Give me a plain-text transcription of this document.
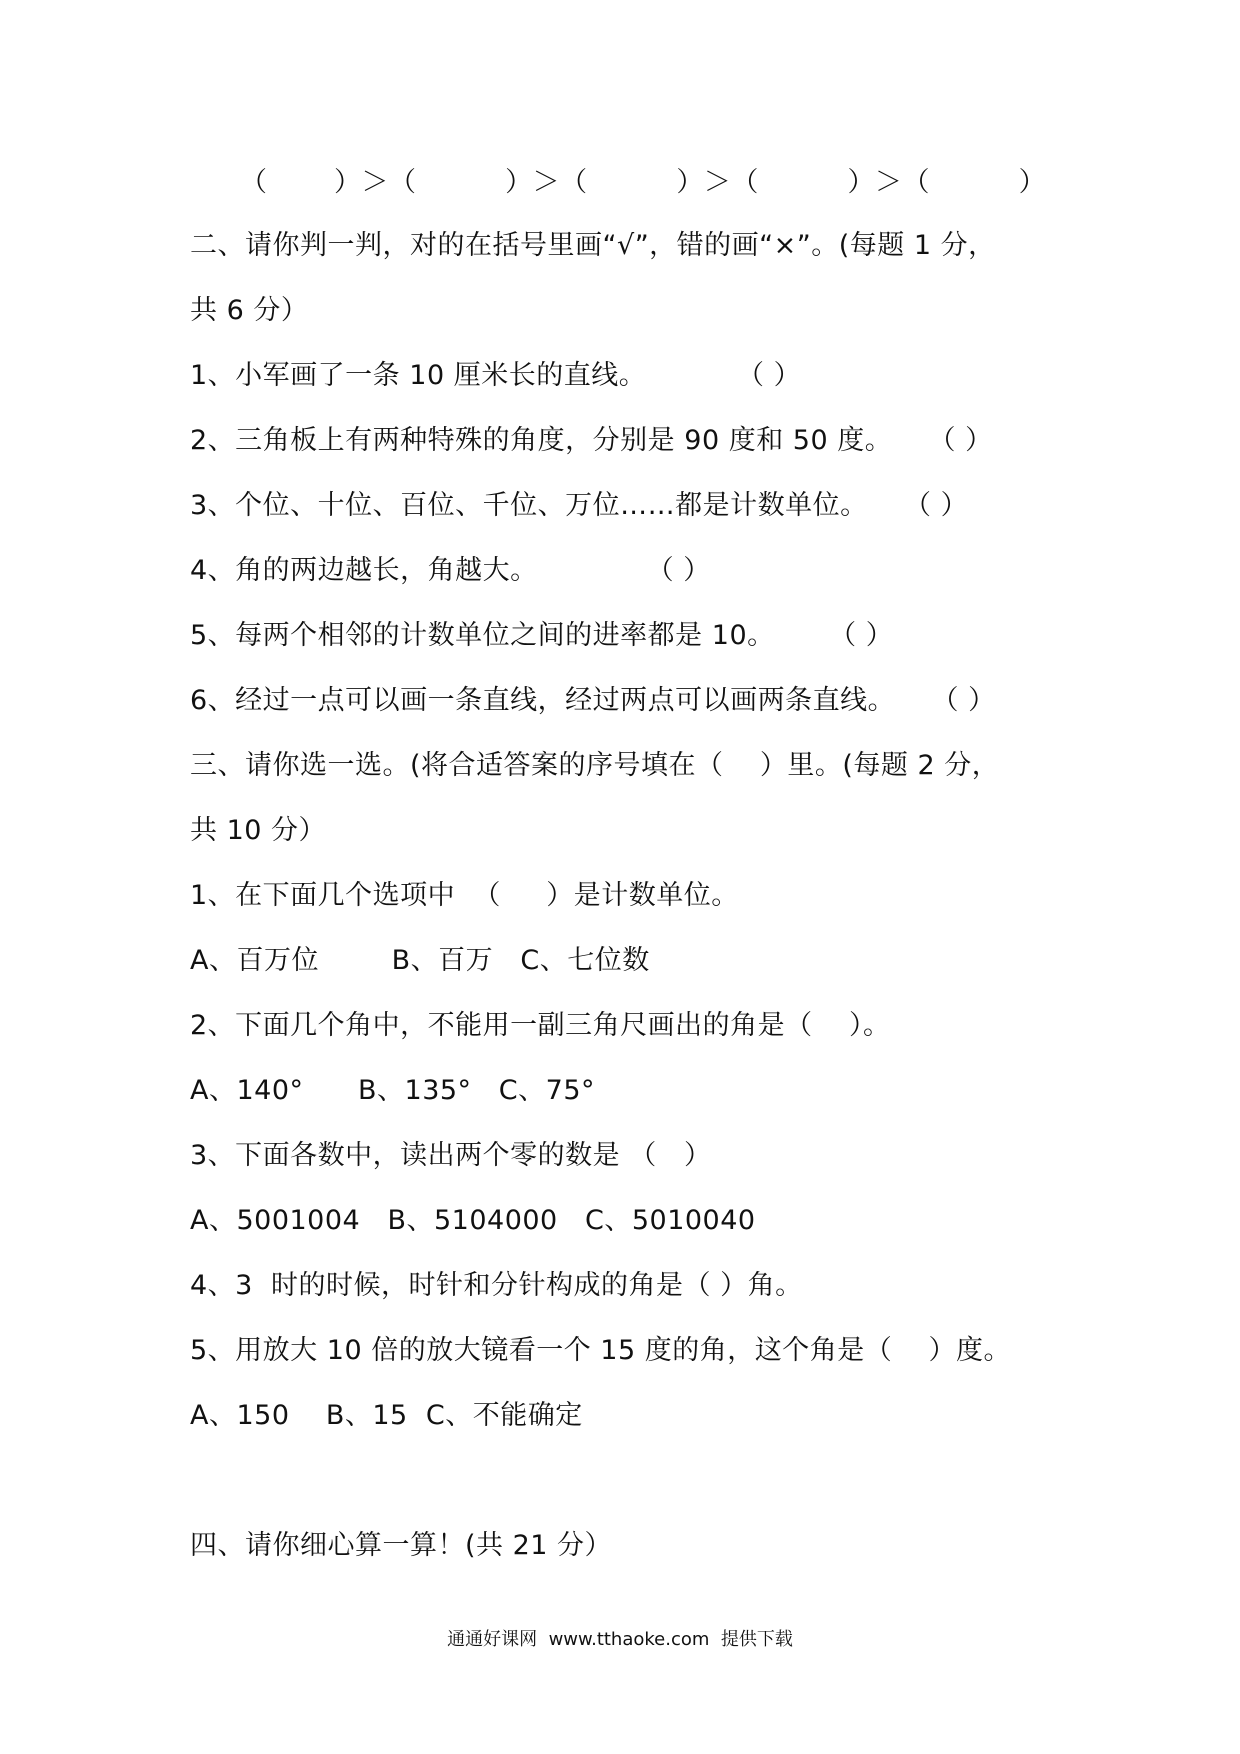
（      ）＞（        ）＞（        ）＞（        ）＞（        ）
二、请你判一判，对的在括号里画“√”，错的画“×”。(每题 1 分，
共 6 分）
1、小军画了一条 10 厘米长的直线。          （ ）
2、三角板上有两种特殊的角度，分别是 90 度和 50 度。    （ ）
3、个位、十位、百位、千位、万位……都是计数单位。    （ ）
4、角的两边越长，角越大。            （ ）
5、每两个相邻的计数单位之间的进率都是 10。      （ ）
6、经过一点可以画一条直线，经过两点可以画两条直线。    （ ）
三、请你选一选。(将合适答案的序号填在（    ）里。(每题 2 分，
共 10 分）
1、在下面几个选项中  （     ）是计数单位。
A、百万位        B、百万   C、七位数
2、下面几个角中，不能用一副三角尺画出的角是（    ）。
A、140°      B、135°   C、75°
3、下面各数中，读出两个零的数是 （   ）
A、5001004   B、5104000   C、5010040
4、3  时的时候，时针和分针构成的角是（ ）角。
5、用放大 10 倍的放大镜看一个 15 度的角，这个角是（    ）度。
A、150    B、15  C、不能确定
四、请你细心算一算！(共 21 分）
通通好课网  www.tthaoke.com  提供下载
